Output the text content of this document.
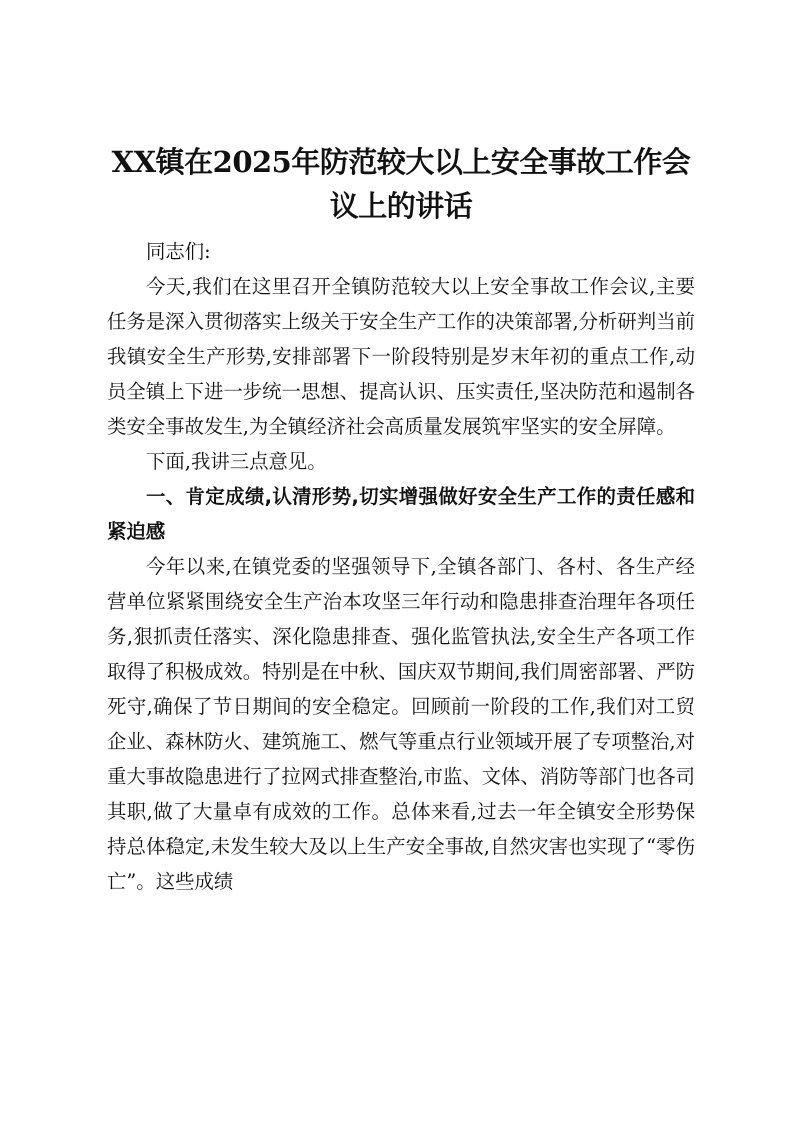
XX镇在2025年防范较大以上安全事故工作会
议上的讲话

同志们:

今天,我们在这里召开全镇防范较大以上安全事故工作会议,主要任务是深入贯彻落实上级关于安全生产工作的决策部署,分析研判当前我镇安全生产形势,安排部署下一阶段特别是岁末年初的重点工作,动员全镇上下进一步统一思想、提高认识、压实责任,坚决防范和遏制各类安全事故发生,为全镇经济社会高质量发展筑牢坚实的安全屏障。

下面,我讲三点意见。

一、肯定成绩,认清形势,切实增强做好安全生产工作的责任感和紧迫感

今年以来,在镇党委的坚强领导下,全镇各部门、各村、各生产经营单位紧紧围绕安全生产治本攻坚三年行动和隐患排查治理年各项任务,狠抓责任落实、深化隐患排查、强化监管执法,安全生产各项工作取得了积极成效。特别是在中秋、国庆双节期间,我们周密部署、严防死守,确保了节日期间的安全稳定。回顾前一阶段的工作,我们对工贸企业、森林防火、建筑施工、燃气等重点行业领域开展了专项整治,对重大事故隐患进行了拉网式排查整治,市监、文体、消防等部门也各司其职,做了大量卓有成效的工作。总体来看,过去一年全镇安全形势保持总体稳定,未发生较大及以上生产安全事故,自然灾害也实现了“零伤亡”。这些成绩
